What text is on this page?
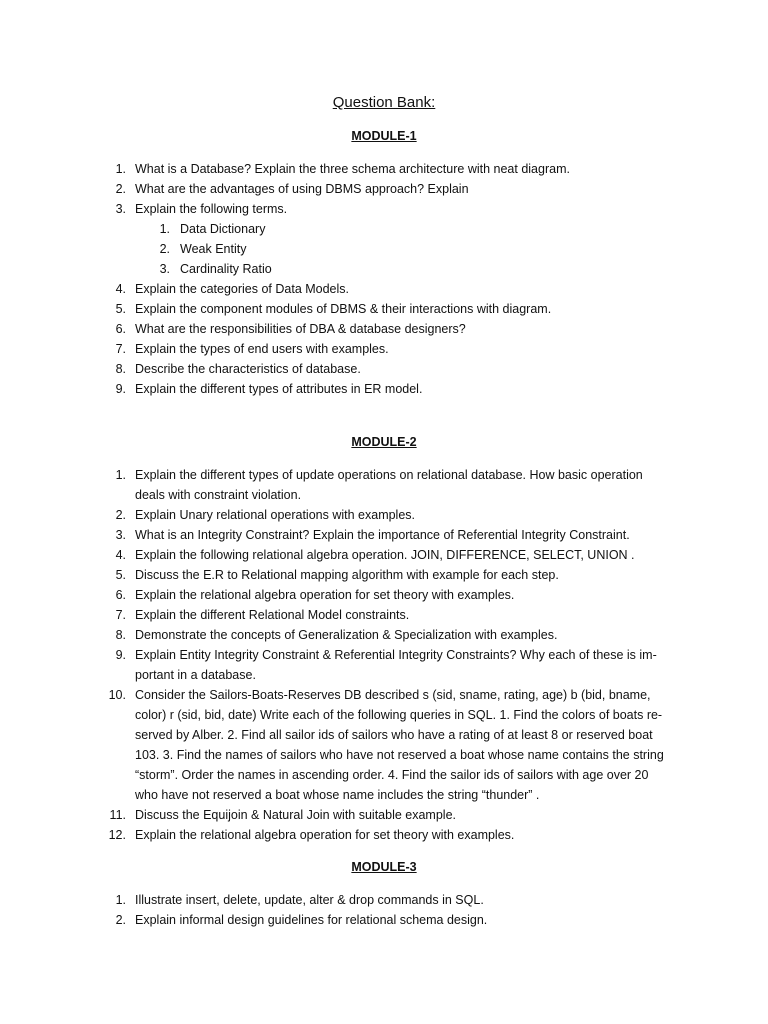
Question Bank:
MODULE-1
1. What is a Database? Explain the three schema architecture with neat diagram.
2. What are the advantages of using DBMS approach? Explain
3. Explain the following terms.
1. Data Dictionary
2. Weak Entity
3. Cardinality Ratio
4. Explain the categories of Data Models.
5. Explain the component modules of DBMS & their interactions with diagram.
6. What are the responsibilities of DBA & database designers?
7. Explain the types of end users with examples.
8. Describe the characteristics of database.
9. Explain the different types of attributes in ER model.
MODULE-2
1. Explain the different types of update operations on relational database. How basic operation deals with constraint violation.
2. Explain Unary relational operations with examples.
3. What is an Integrity Constraint? Explain the importance of Referential Integrity Constraint.
4. Explain the following relational algebra operation. JOIN, DIFFERENCE, SELECT, UNION .
5. Discuss the E.R to Relational mapping algorithm with example for each step.
6. Explain the relational algebra operation for set theory with examples.
7. Explain the different Relational Model constraints.
8. Demonstrate the concepts of Generalization & Specialization with examples.
9. Explain Entity Integrity Constraint & Referential Integrity Constraints? Why each of these is im-portant in a database.
10. Consider the Sailors-Boats-Reserves DB described s (sid, sname, rating, age) b (bid, bname, color) r (sid, bid, date) Write each of the following queries in SQL. 1. Find the colors of boats re-served by Alber. 2. Find all sailor ids of sailors who have a rating of at least 8 or reserved boat 103. 3. Find the names of sailors who have not reserved a boat whose name contains the string “storm”. Order the names in ascending order. 4. Find the sailor ids of sailors with age over 20 who have not reserved a boat whose name includes the string “thunder” .
11. Discuss the Equijoin & Natural Join with suitable example.
12. Explain the relational algebra operation for set theory with examples.
MODULE-3
1. Illustrate insert, delete, update, alter & drop commands in SQL.
2. Explain informal design guidelines for relational schema design.
